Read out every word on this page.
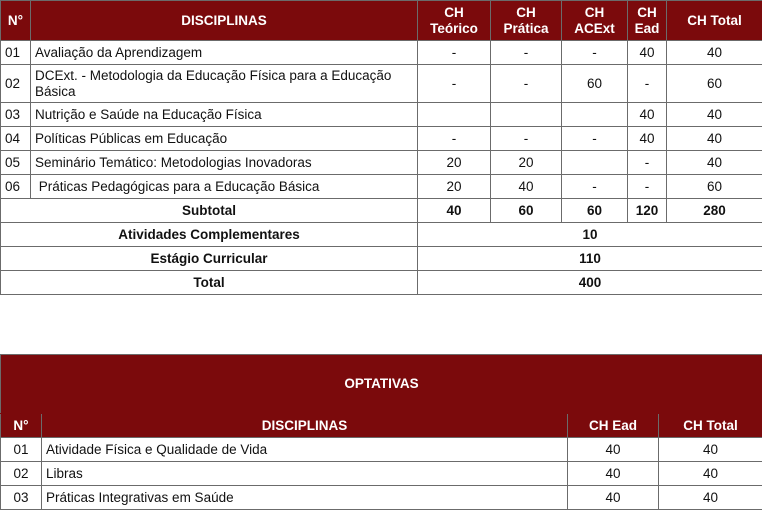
N°	DISCIPLINAS	CH Teórico	CH Prática	CH ACExt	CH Ead	CH Total
01	Avaliação da Aprendizagem	-	-	-	40	40
02	DCExt. - Metodologia da Educação Física para a Educação Básica	-	-	60	-	60
03	Nutrição e Saúde na Educação Física				40	40
04	Políticas Públicas em Educação	-	-	-	40	40
05	Seminário Temático: Metodologias Inovadoras	20	20		-	40
06	Práticas Pedagógicas para a Educação Básica	20	40	-	-	60
Subtotal		40	60	60	120	280
Atividades Complementares		10				
Estágio Curricular		110				
Total		400				
OPTATIVAS			
N°	DISCIPLINAS	CH Ead	CH Total
01	Atividade Física e Qualidade de Vida	40	40
02	Libras	40	40
03	Práticas Integrativas em Saúde	40	40
